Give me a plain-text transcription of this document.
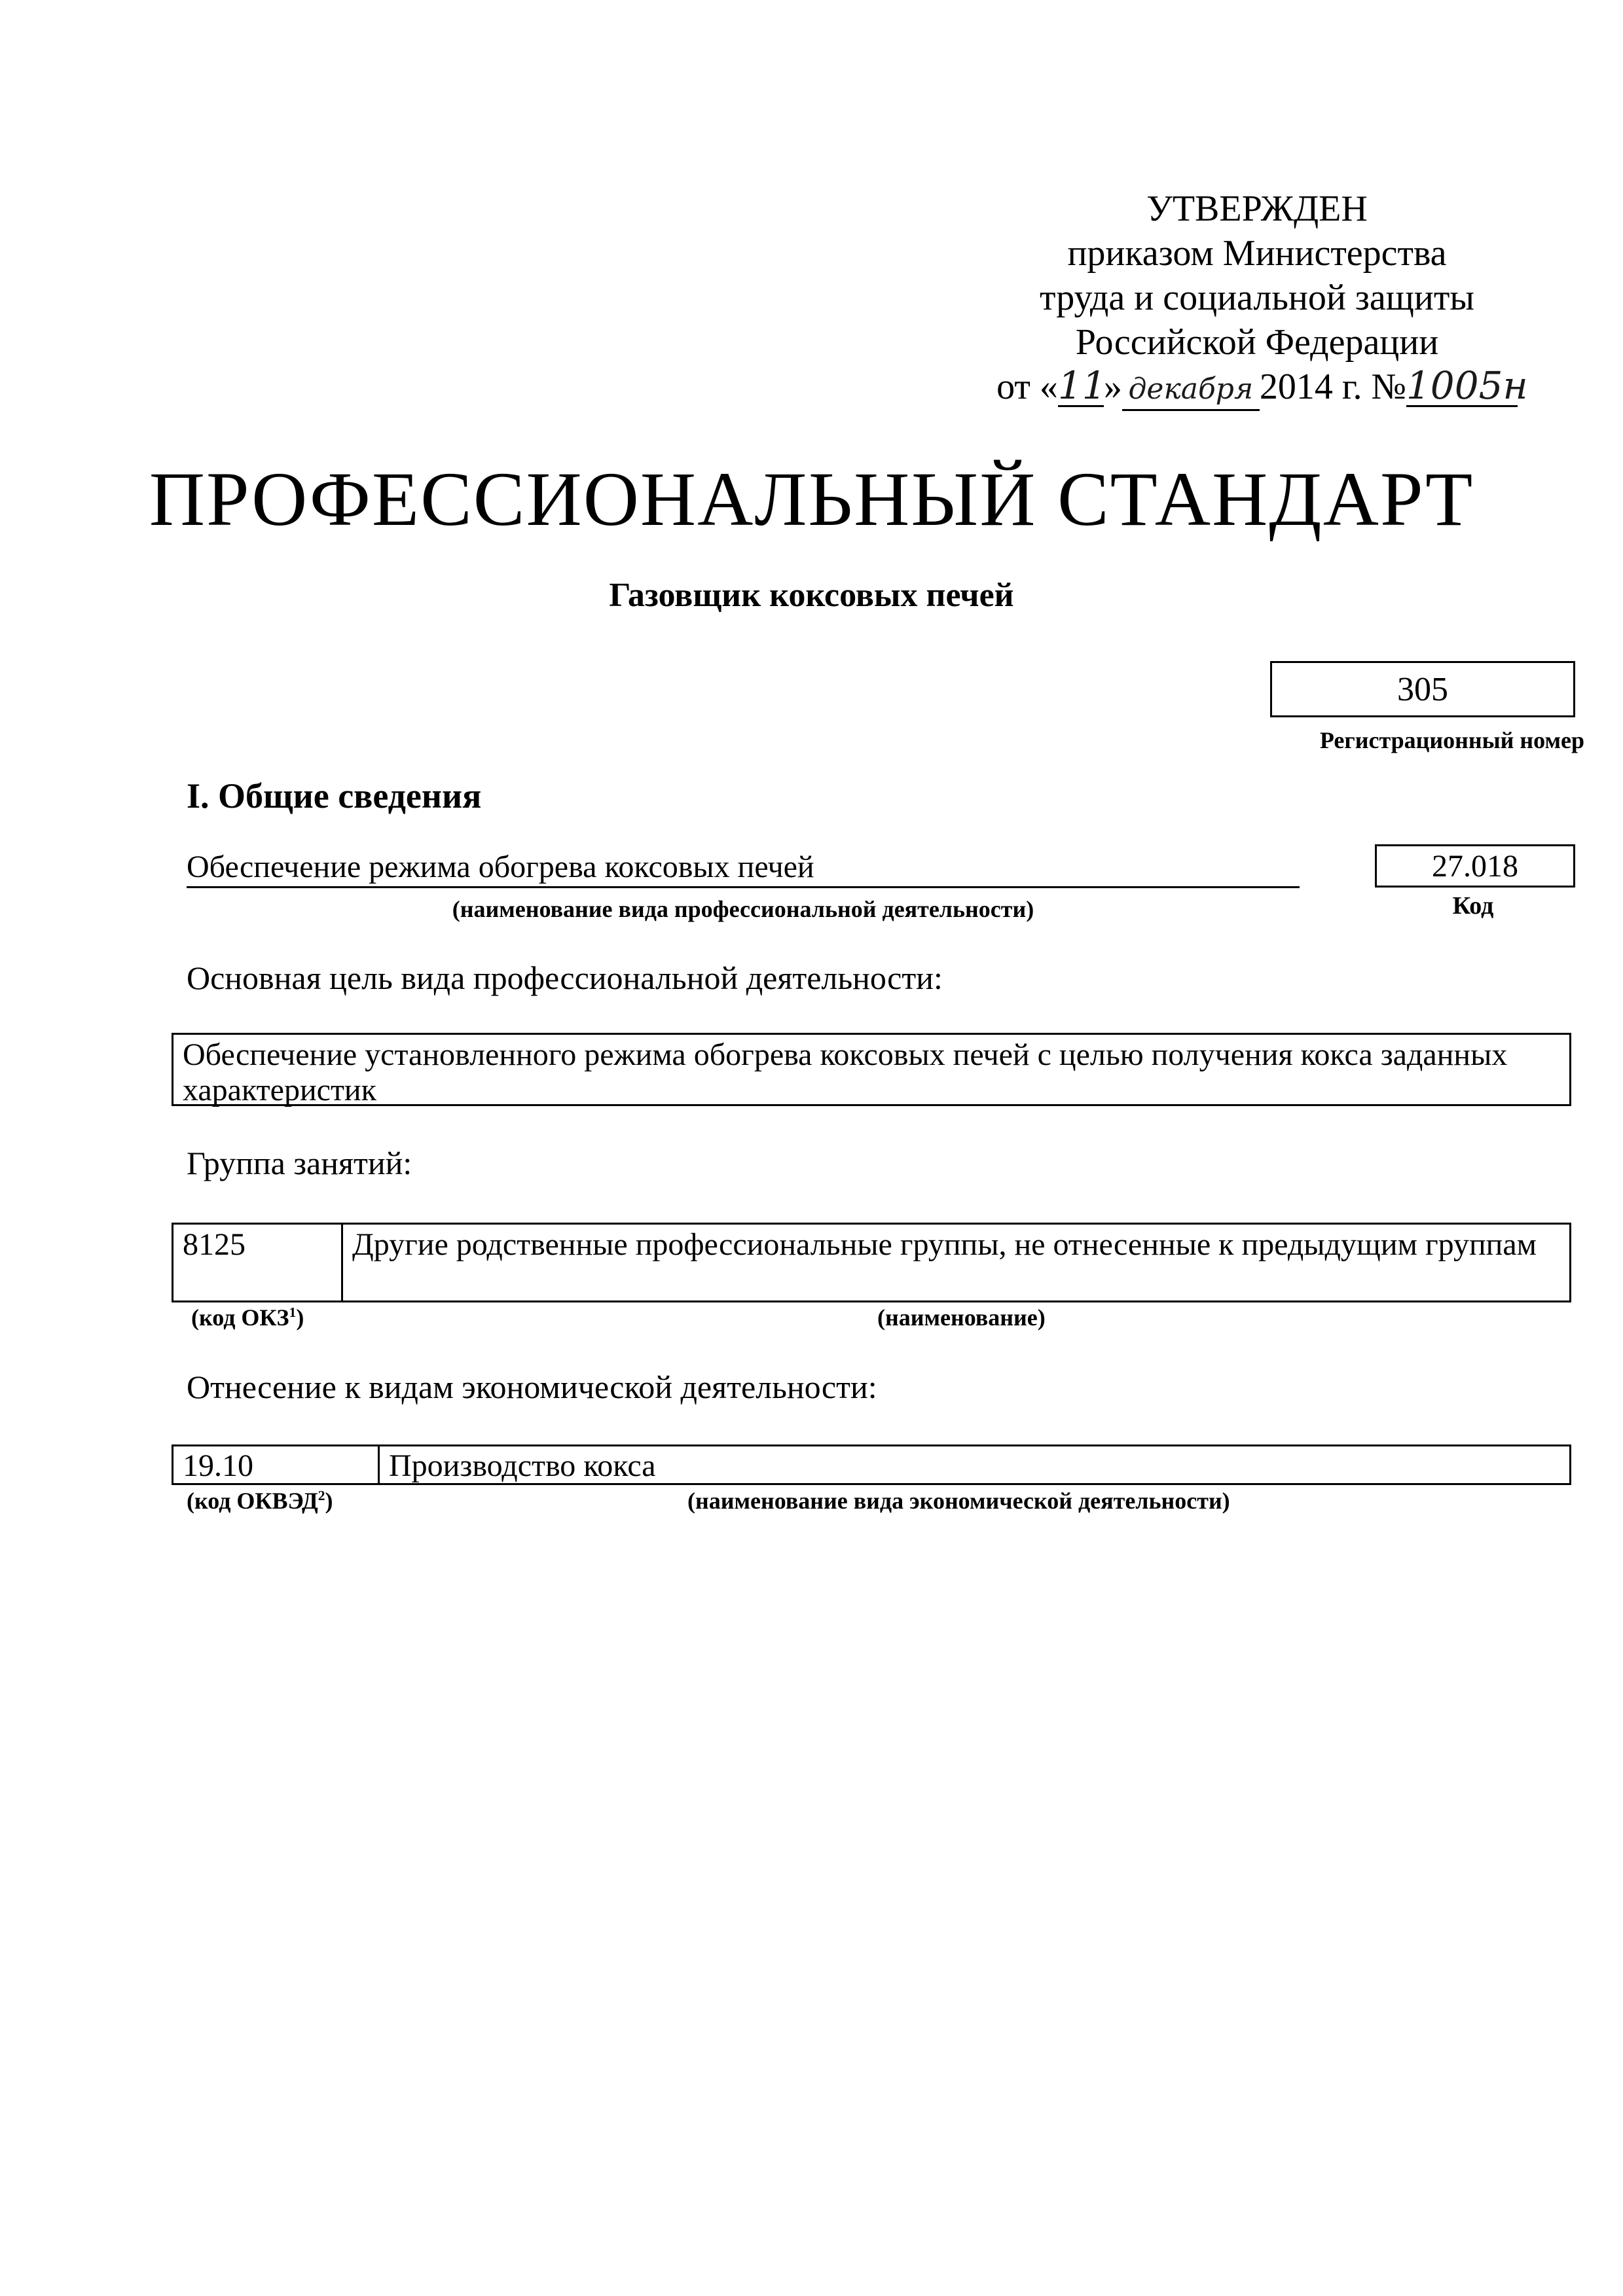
УТВЕРЖДЕН
приказом Министерства
труда и социальной защиты
Российской Федерации
от «11» декабря 2014 г. №1005н
ПРОФЕССИОНАЛЬНЫЙ СТАНДАРТ
Газовщик коксовых печей
305
Регистрационный номер
I. Общие сведения
Обеспечение режима обогрева коксовых печей
(наименование вида профессиональной деятельности)
27.018
Код
Основная цель вида профессиональной деятельности:
Обеспечение установленного режима обогрева коксовых печей с целью получения кокса заданных характеристик
Группа занятий:
8125	Другие родственные профессиональные группы, не отнесенные к предыдущим группам
(код ОКЗ$^1$)	(наименование)
Отнесение к видам экономической деятельности:
19.10	Производство кокса
(код ОКВЭД$^2$)	(наименование вида экономической деятельности)
